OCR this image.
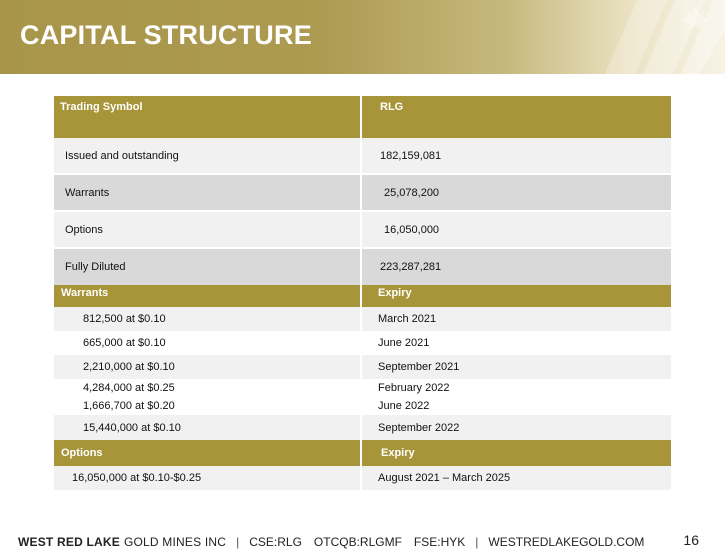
CAPITAL STRUCTURE
Trading Symbol	RLG
Issued and outstanding	182,159,081
Warrants	25,078,200
Options	16,050,000
Fully Diluted	223,287,281
Warrants	Expiry
812,500 at $0.10	March 2021
665,000 at $0.10	June 2021
2,210,000 at $0.10	September 2021
4,284,000 at $0.25	February 2022
1,666,700 at $0.20	June 2022
15,440,000 at $0.10	September 2022
Options	Expiry
16,050,000 at $0.10-$0.25	August 2021 – March 2025
WEST RED LAKE GOLD MINES INC | CSE:RLG OTCQB:RLGMF FSE:HYK | WESTREDLAKEGOLD.COM	16
